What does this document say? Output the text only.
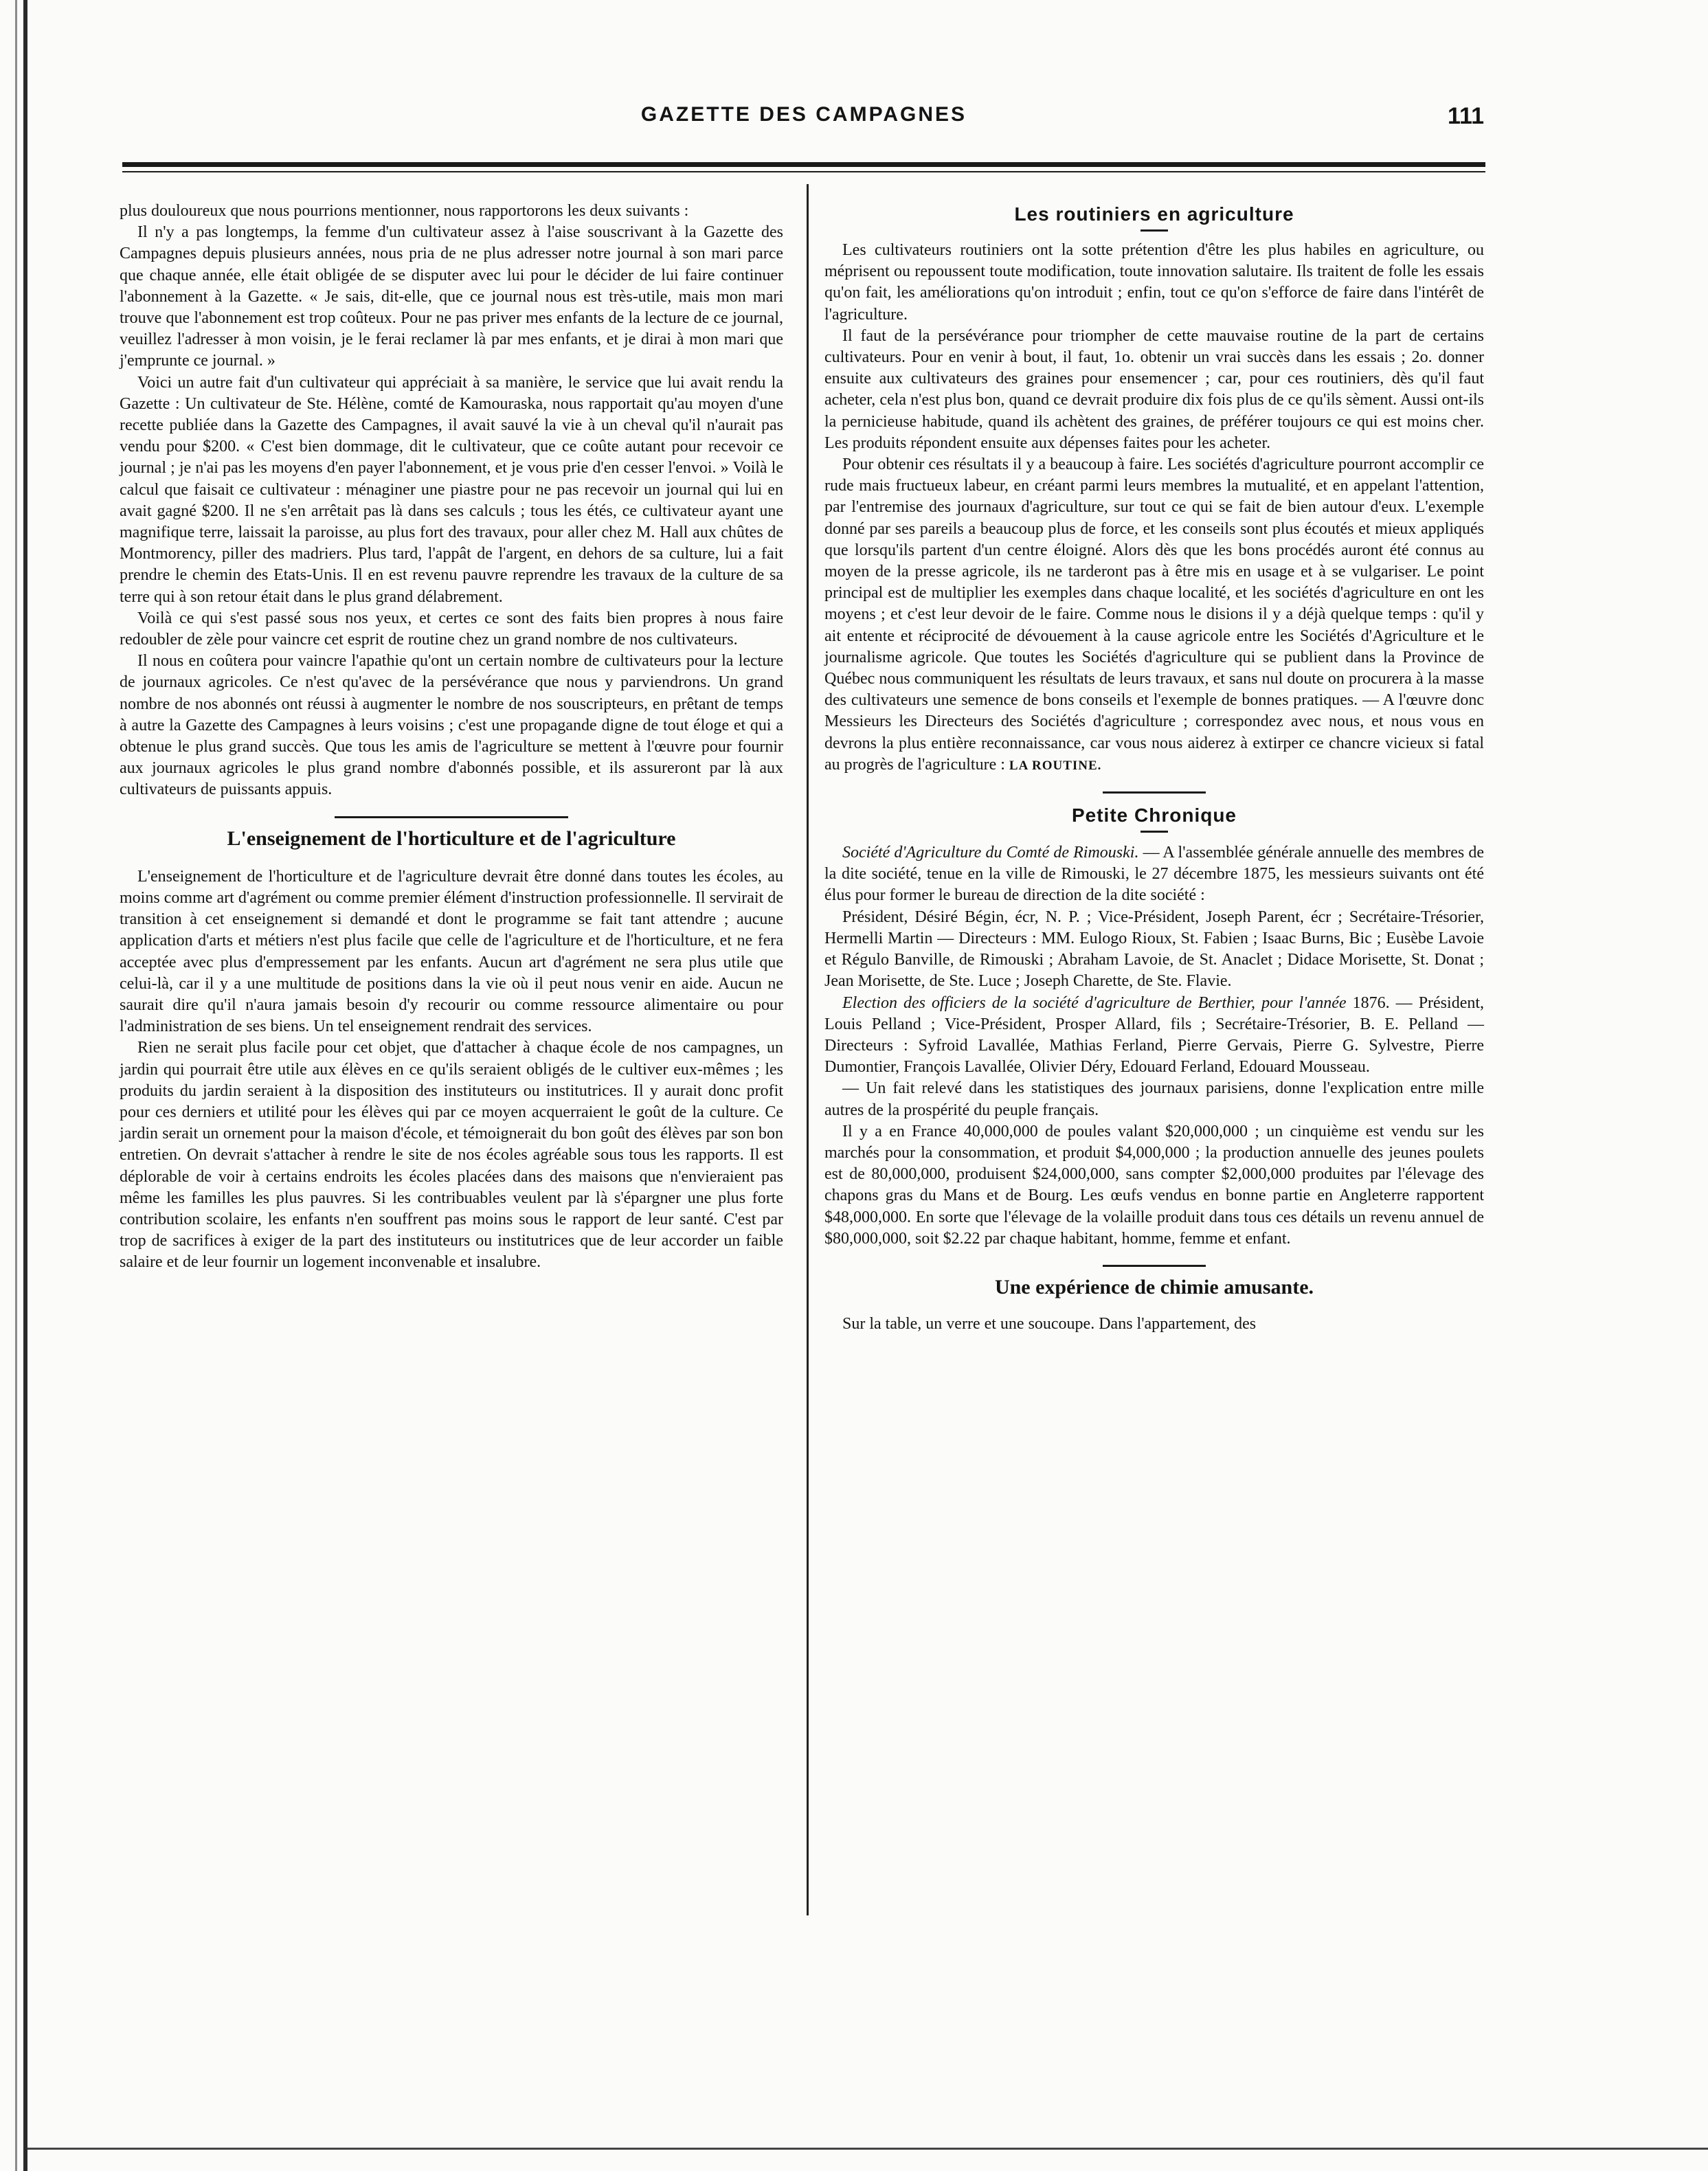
GAZETTE DES CAMPAGNES	111

plus douloureux que nous pourrions mentionner, nous rapportorons les deux suivants :

Il n'y a pas longtemps, la femme d'un cultivateur assez à l'aise souscrivant à la Gazette des Campagnes depuis plusieurs années, nous pria de ne plus adresser notre journal à son mari parce que chaque année, elle était obligée de se disputer avec lui pour le décider de lui faire continuer l'abonnement à la Gazette. « Je sais, dit-elle, que ce journal nous est très-utile, mais mon mari trouve que l'abonnement est trop coûteux. Pour ne pas priver mes enfants de la lecture de ce journal, veuillez l'adresser à mon voisin, je le ferai reclamer là par mes enfants, et je dirai à mon mari que j'emprunte ce journal. »

Voici un autre fait d'un cultivateur qui appréciait à sa manière, le service que lui avait rendu la Gazette : Un cultivateur de Ste. Hélène, comté de Kamouraska, nous rapportait qu'au moyen d'une recette publiée dans la Gazette des Campagnes, il avait sauvé la vie à un cheval qu'il n'aurait pas vendu pour $200. « C'est bien dommage, dit le cultivateur, que ce coûte autant pour recevoir ce journal ; je n'ai pas les moyens d'en payer l'abonnement, et je vous prie d'en cesser l'envoi. » Voilà le calcul que faisait ce cultivateur : ménaginer une piastre pour ne pas recevoir un journal qui lui en avait gagné $200. Il ne s'en arrêtait pas là dans ses calculs ; tous les étés, ce cultivateur ayant une magnifique terre, laissait la paroisse, au plus fort des travaux, pour aller chez M. Hall aux chûtes de Montmorency, piller des madriers. Plus tard, l'appât de l'argent, en dehors de sa culture, lui a fait prendre le chemin des Etats-Unis. Il en est revenu pauvre reprendre les travaux de la culture de sa terre qui à son retour était dans le plus grand délabrement.

Voilà ce qui s'est passé sous nos yeux, et certes ce sont des faits bien propres à nous faire redoubler de zèle pour vaincre cet esprit de routine chez un grand nombre de nos cultivateurs.

Il nous en coûtera pour vaincre l'apathie qu'ont un certain nombre de cultivateurs pour la lecture de journaux agricoles. Ce n'est qu'avec de la persévérance que nous y parviendrons. Un grand nombre de nos abonnés ont réussi à augmenter le nombre de nos souscripteurs, en prêtant de temps à autre la Gazette des Campagnes à leurs voisins ; c'est une propagande digne de tout éloge et qui a obtenue le plus grand succès. Que tous les amis de l'agriculture se mettent à l'œuvre pour fournir aux journaux agricoles le plus grand nombre d'abonnés possible, et ils assureront par là aux cultivateurs de puissants appuis.

L'enseignement de l'horticulture et de l'agriculture

L'enseignement de l'horticulture et de l'agriculture devrait être donné dans toutes les écoles, au moins comme art d'agrément ou comme premier élément d'instruction professionnelle. Il servirait de transition à cet enseignement si demandé et dont le programme se fait tant attendre ; aucune application d'arts et métiers n'est plus facile que celle de l'agriculture et de l'horticulture, et ne fera acceptée avec plus d'empressement par les enfants. Aucun art d'agrément ne sera plus utile que celui-là, car il y a une multitude de positions dans la vie où il peut nous venir en aide. Aucun ne saurait dire qu'il n'aura jamais besoin d'y recourir ou comme ressource alimentaire ou pour l'administration de ses biens. Un tel enseignement rendrait des services.

Rien ne serait plus facile pour cet objet, que d'attacher à chaque école de nos campagnes, un jardin qui pourrait être utile aux élèves en ce qu'ils seraient obligés de le cultiver eux-mêmes ; les produits du jardin seraient à la disposition des instituteurs ou institutrices. Il y aurait donc profit pour ces derniers et utilité pour les élèves qui par ce moyen acquerraient le goût de la culture. Ce jardin serait un ornement pour la maison d'école, et témoignerait du bon goût des élèves par son bon entretien. On devrait s'attacher à rendre le site de nos écoles agréable sous tous les rapports. Il est déplorable de voir à certains endroits les écoles placées dans des maisons que n'envieraient pas même les familles les plus pauvres. Si les contribuables veulent par là s'épargner une plus forte contribution scolaire, les enfants n'en souffrent pas moins sous le rapport de leur santé. C'est par trop de sacrifices à exiger de la part des instituteurs ou institutrices que de leur accorder un faible salaire et de leur fournir un logement inconvenable et insalubre.

Les routiniers en agriculture

Les cultivateurs routiniers ont la sotte prétention d'être les plus habiles en agriculture, ou méprisent ou repoussent toute modification, toute innovation salutaire. Ils traitent de folle les essais qu'on fait, les améliorations qu'on introduit ; enfin, tout ce qu'on s'efforce de faire dans l'intérêt de l'agriculture.

Il faut de la persévérance pour triompher de cette mauvaise routine de la part de certains cultivateurs. Pour en venir à bout, il faut, 1o. obtenir un vrai succès dans les essais ; 2o. donner ensuite aux cultivateurs des graines pour ensemencer ; car, pour ces routiniers, dès qu'il faut acheter, cela n'est plus bon, quand ce devrait produire dix fois plus de ce qu'ils sèment. Aussi ont-ils la pernicieuse habitude, quand ils achètent des graines, de préférer toujours ce qui est moins cher. Les produits répondent ensuite aux dépenses faites pour les acheter.

Pour obtenir ces résultats il y a beaucoup à faire. Les sociétés d'agriculture pourront accomplir ce rude mais fructueux labeur, en créant parmi leurs membres la mutualité, et en appelant l'attention, par l'entremise des journaux d'agriculture, sur tout ce qui se fait de bien autour d'eux. L'exemple donné par ses pareils a beaucoup plus de force, et les conseils sont plus écoutés et mieux appliqués que lorsqu'ils partent d'un centre éloigné. Alors dès que les bons procédés auront été connus au moyen de la presse agricole, ils ne tarderont pas à être mis en usage et à se vulgariser. Le point principal est de multiplier les exemples dans chaque localité, et les sociétés d'agriculture en ont les moyens ; et c'est leur devoir de le faire. Comme nous le disions il y a déjà quelque temps : qu'il y ait entente et réciprocité de dévouement à la cause agricole entre les Sociétés d'Agriculture et le journalisme agricole. Que toutes les Sociétés d'agriculture qui se publient dans la Province de Québec nous communiquent les résultats de leurs travaux, et sans nul doute on procurera à la masse des cultivateurs une semence de bons conseils et l'exemple de bonnes pratiques. — A l'œuvre donc Messieurs les Directeurs des Sociétés d'agriculture ; correspondez avec nous, et nous vous en devrons la plus entière reconnaissance, car vous nous aiderez à extirper ce chancre vicieux si fatal au progrès de l'agriculture : LA ROUTINE.

Petite Chronique

Société d'Agriculture du Comté de Rimouski. — A l'assemblée générale annuelle des membres de la dite société, tenue en la ville de Rimouski, le 27 décembre 1875, les messieurs suivants ont été élus pour former le bureau de direction de la dite société :

Président, Désiré Bégin, écr, N. P. ; Vice-Président, Joseph Parent, écr ; Secrétaire-Trésorier, Hermelli Martin — Directeurs : MM. Eulogo Rioux, St. Fabien ; Isaac Burns, Bic ; Eusèbe Lavoie et Régulo Banville, de Rimouski ; Abraham Lavoie, de St. Anaclet ; Didace Morisette, St. Donat ; Jean Morisette, de Ste. Luce ; Joseph Charette, de Ste. Flavie.

Election des officiers de la société d'agriculture de Berthier, pour l'année 1876. — Président, Louis Pelland ; Vice-Président, Prosper Allard, fils ; Secrétaire-Trésorier, B. E. Pelland — Directeurs : Syfroid Lavallée, Mathias Ferland, Pierre Gervais, Pierre G. Sylvestre, Pierre Dumontier, François Lavallée, Olivier Déry, Edouard Ferland, Edouard Mousseau.

— Un fait relevé dans les statistiques des journaux parisiens, donne l'explication entre mille autres de la prospérité du peuple français.

Il y a en France 40,000,000 de poules valant $20,000,000 ; un cinquième est vendu sur les marchés pour la consommation, et produit $4,000,000 ; la production annuelle des jeunes poulets est de 80,000,000, produisent $24,000,000, sans compter $2,000,000 produites par l'élevage des chapons gras du Mans et de Bourg. Les œufs vendus en bonne partie en Angleterre rapportent $48,000,000. En sorte que l'élevage de la volaille produit dans tous ces détails un revenu annuel de $80,000,000, soit $2.22 par chaque habitant, homme, femme et enfant.

Une expérience de chimie amusante.

Sur la table, un verre et une soucoupe. Dans l'appartement, des
